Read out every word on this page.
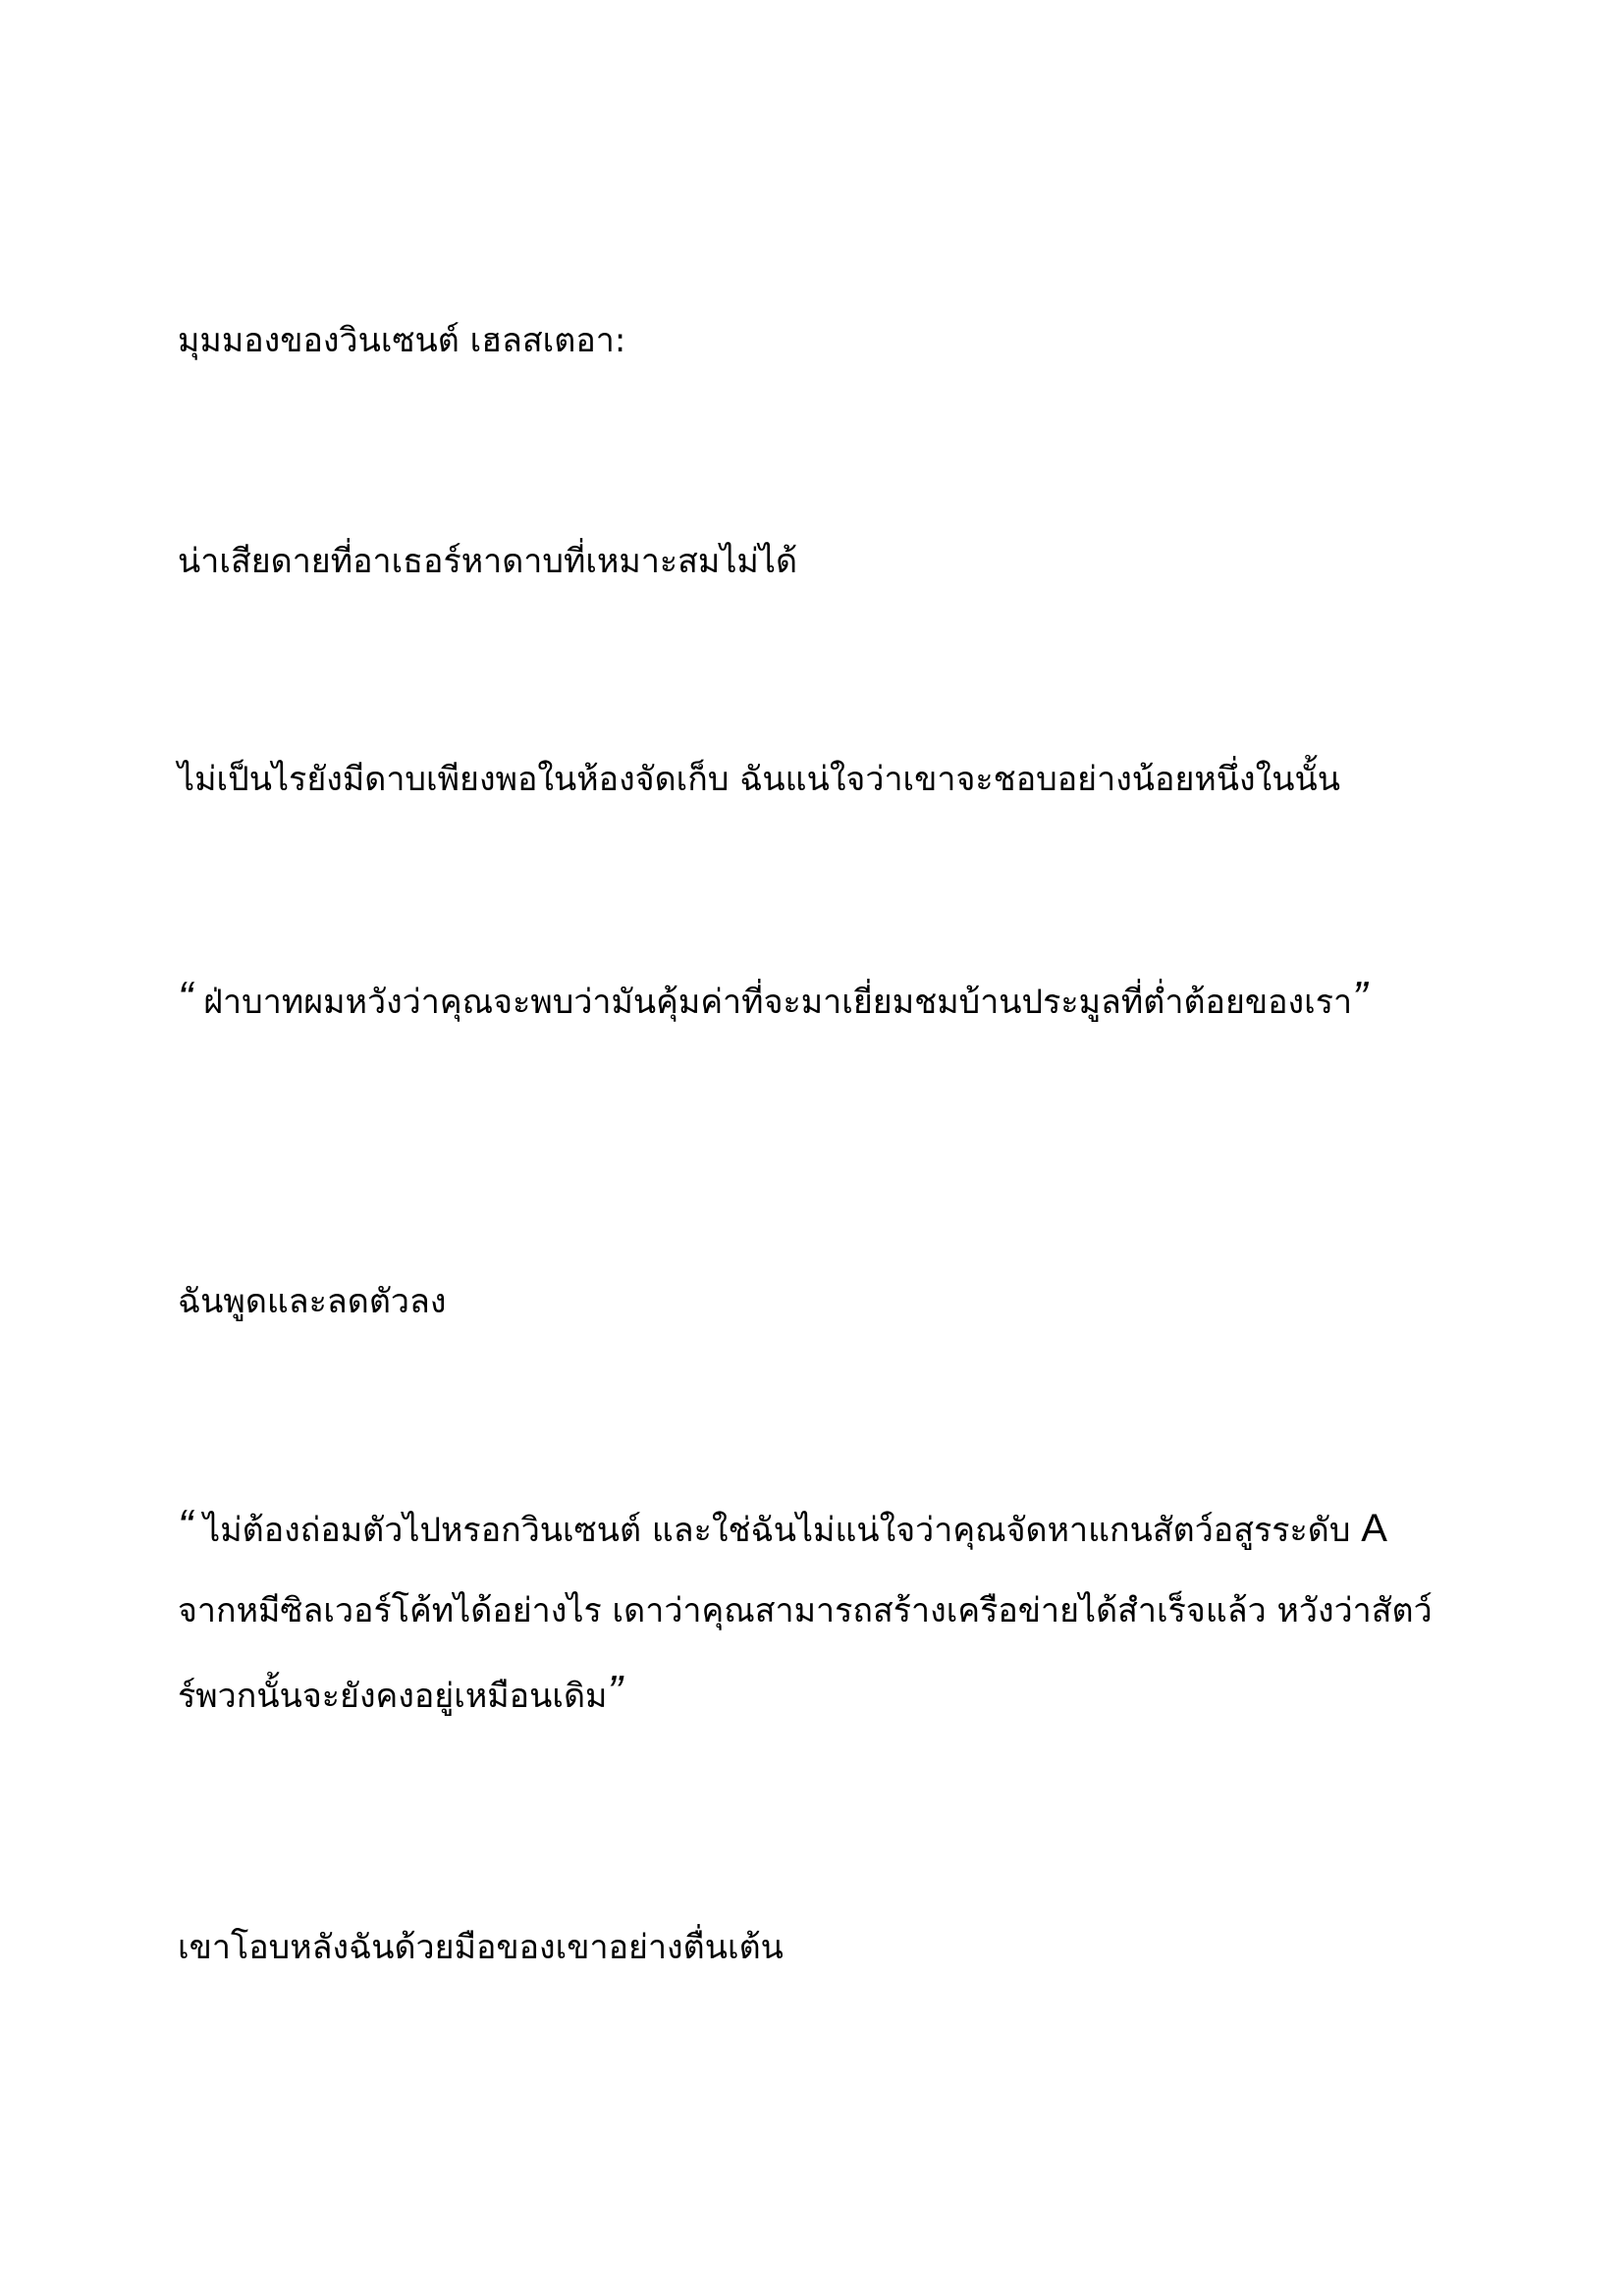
มุมมองของวินเซนต์ เฮลสเตอา:

น่าเสียดายที่อาเธอร์หาดาบที่เหมาะสมไม่ได้

ไม่เป็นไรยังมีดาบเพียงพอในห้องจัดเก็บ ฉันแน่ใจว่าเขาจะชอบอย่างน้อยหนึ่งในนั้น

“ ฝ่าบาทผมหวังว่าคุณจะพบว่ามันคุ้มค่าที่จะมาเยี่ยมชมบ้านประมูลที่ต่ำต้อยของเรา”

ฉันพูดและลดตัวลง

“ ไม่ต้องถ่อมตัวไปหรอกวินเซนต์ และใช่ฉันไม่แน่ใจว่าคุณจัดหาแกนสัตว์อสูรระดับ A จากหมีซิลเวอร์โค้ทได้อย่างไร เดาว่าคุณสามารถสร้างเครือข่ายได้สำเร็จแล้ว หวังว่าสัตว์ร์พวกนั้นจะยังคงอยู่เหมือนเดิม”

เขาโอบหลังฉันด้วยมือของเขาอย่างตื่นเต้น
